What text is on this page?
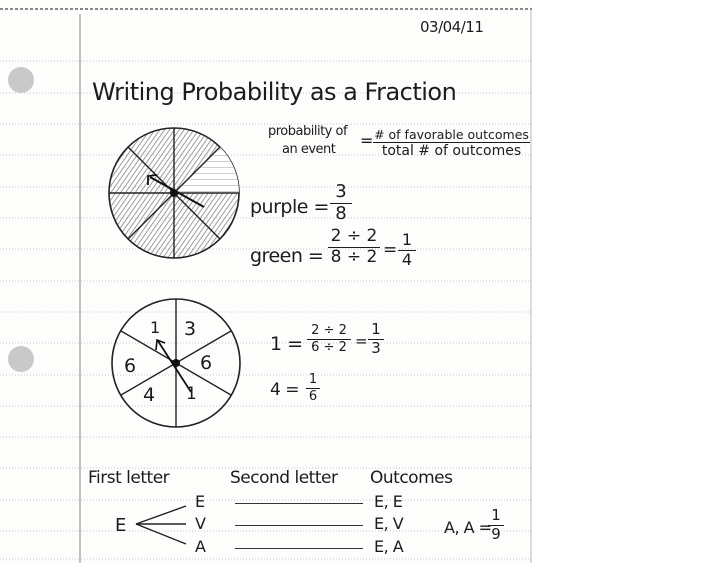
03/04/11
Writing Probability as a Fraction
probability of
an event = # of favorable outcomes
total # of outcomes
purple =
3
8
green =
2 ÷ 2
8 ÷ 2 =
1
4
1 3
6	6
4 1
1 =
2 ÷ 2
6 ÷ 2 =
1
3
4 =
1
6
First letter	Second letter Outcomes
E
E
V
A
E, E
E, V
E, A
A, A =
1
9
